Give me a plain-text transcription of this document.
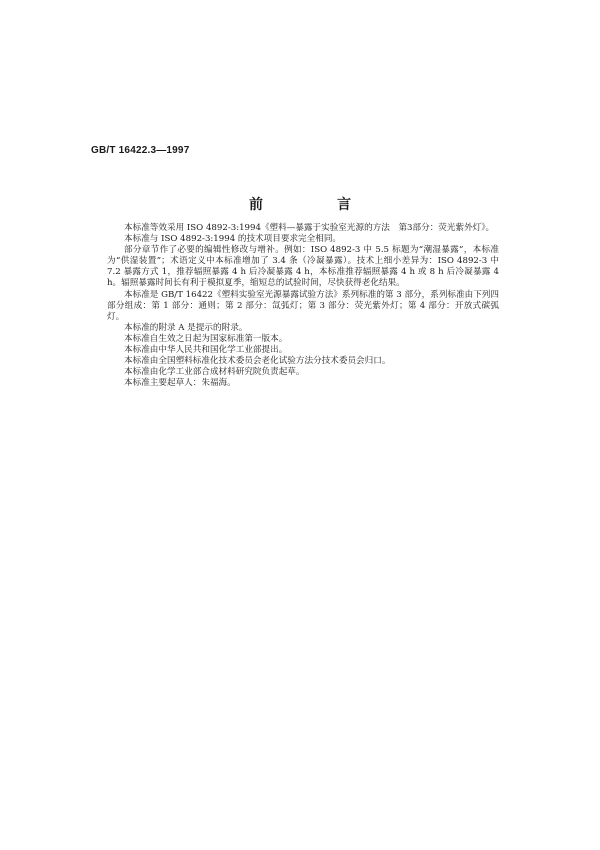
GB/T 16422.3—1997
前　言

本标准等效采用 ISO 4892-3:1994《塑料—暴露于实验室光源的方法　第3部分：荧光紫外灯》。

本标准与 ISO 4892-3:1994 的技术项目要求完全相同。

部分章节作了必要的编辑性修改与增补。例如：ISO 4892-3 中 5.5 标题为“潮湿暴露”，本标准为“供湿装置”；术语定义中本标准增加了 3.4 条（冷凝暴露）。技术上细小差异为：ISO 4892-3 中 7.2 暴露方式 1，推荐辐照暴露 4 h 后冷凝暴露 4 h，本标准推荐辐照暴露 4 h 或 8 h 后冷凝暴露 4 h。辐照暴露时间长有利于模拟夏季，缩短总的试验时间，尽快获得老化结果。

本标准是 GB/T 16422《塑料实验室光源暴露试验方法》系列标准的第 3 部分，系列标准由下列四部分组成：第 1 部分：通则；第 2 部分：氙弧灯；第 3 部分：荧光紫外灯；第 4 部分：开放式碳弧灯。

本标准的附录 A 是提示的附录。

本标准自生效之日起为国家标准第一版本。

本标准由中华人民共和国化学工业部提出。

本标准由全国塑料标准化技术委员会老化试验方法分技术委员会归口。

本标准由化学工业部合成材料研究院负责起草。

本标准主要起草人：朱福海。
